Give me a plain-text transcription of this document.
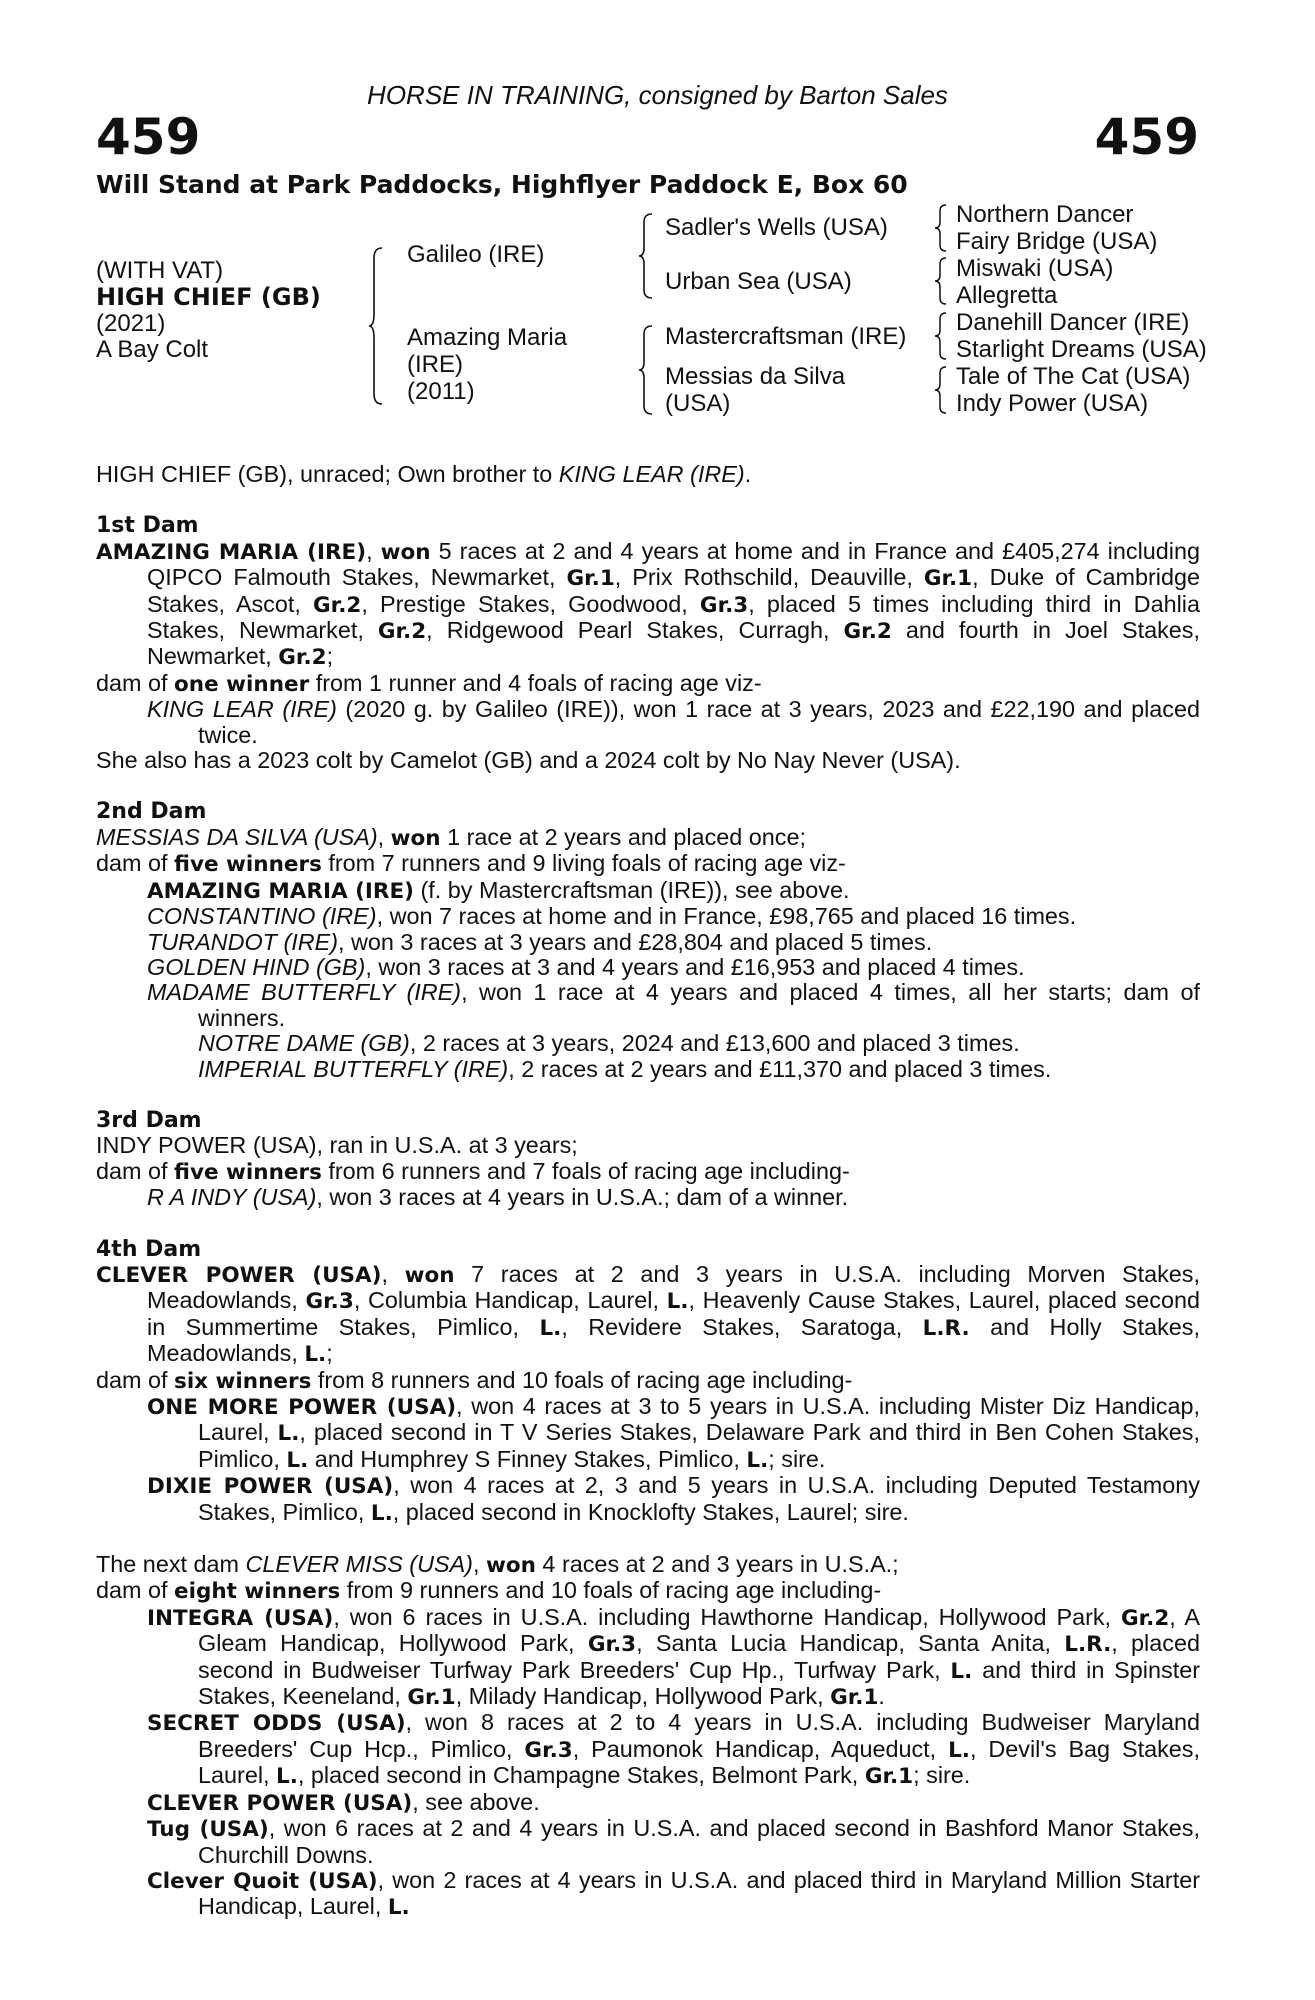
HORSE IN TRAINING, consigned by Barton Sales
459	459
Will Stand at Park Paddocks, Highflyer Paddock E, Box 60
(WITH VAT)
HIGH CHIEF (GB)
(2021)
A Bay Colt
Galileo (IRE)
Amazing Maria
(IRE)
(2011)
Sadler's Wells (USA)
Urban Sea (USA)
Mastercraftsman (IRE)
Messias da Silva
(USA)
Northern Dancer
Fairy Bridge (USA)
Miswaki (USA)
Allegretta
Danehill Dancer (IRE)
Starlight Dreams (USA)
Tale of The Cat (USA)
Indy Power (USA)

HIGH CHIEF (GB), unraced; Own brother to KING LEAR (IRE).

1st Dam

AMAZING MARIA (IRE), won 5 races at 2 and 4 years at home and in France and £405,274 including QIPCO Falmouth Stakes, Newmarket, Gr.1, Prix Rothschild, Deauville, Gr.1, Duke of Cambridge Stakes, Ascot, Gr.2, Prestige Stakes, Goodwood, Gr.3, placed 5 times including third in Dahlia Stakes, Newmarket, Gr.2, Ridgewood Pearl Stakes, Curragh, Gr.2 and fourth in Joel Stakes, Newmarket, Gr.2;

dam of one winner from 1 runner and 4 foals of racing age viz-

KING LEAR (IRE) (2020 g. by Galileo (IRE)), won 1 race at 3 years, 2023 and £22,190 and placed twice.

She also has a 2023 colt by Camelot (GB) and a 2024 colt by No Nay Never (USA).

2nd Dam

MESSIAS DA SILVA (USA), won 1 race at 2 years and placed once;

dam of five winners from 7 runners and 9 living foals of racing age viz-

AMAZING MARIA (IRE) (f. by Mastercraftsman (IRE)), see above.

CONSTANTINO (IRE), won 7 races at home and in France, £98,765 and placed 16 times.

TURANDOT (IRE), won 3 races at 3 years and £28,804 and placed 5 times.

GOLDEN HIND (GB), won 3 races at 3 and 4 years and £16,953 and placed 4 times.

MADAME BUTTERFLY (IRE), won 1 race at 4 years and placed 4 times, all her starts; dam of winners.

NOTRE DAME (GB), 2 races at 3 years, 2024 and £13,600 and placed 3 times.

IMPERIAL BUTTERFLY (IRE), 2 races at 2 years and £11,370 and placed 3 times.

3rd Dam

INDY POWER (USA), ran in U.S.A. at 3 years;

dam of five winners from 6 runners and 7 foals of racing age including-

R A INDY (USA), won 3 races at 4 years in U.S.A.; dam of a winner.

4th Dam

CLEVER POWER (USA), won 7 races at 2 and 3 years in U.S.A. including Morven Stakes, Meadowlands, Gr.3, Columbia Handicap, Laurel, L., Heavenly Cause Stakes, Laurel, placed second in Summertime Stakes, Pimlico, L., Revidere Stakes, Saratoga, L.R. and Holly Stakes, Meadowlands, L.;

dam of six winners from 8 runners and 10 foals of racing age including-

ONE MORE POWER (USA), won 4 races at 3 to 5 years in U.S.A. including Mister Diz Handicap, Laurel, L., placed second in T V Series Stakes, Delaware Park and third in Ben Cohen Stakes, Pimlico, L. and Humphrey S Finney Stakes, Pimlico, L.; sire.

DIXIE POWER (USA), won 4 races at 2, 3 and 5 years in U.S.A. including Deputed Testamony Stakes, Pimlico, L., placed second in Knocklofty Stakes, Laurel; sire.

The next dam CLEVER MISS (USA), won 4 races at 2 and 3 years in U.S.A.;

dam of eight winners from 9 runners and 10 foals of racing age including-

INTEGRA (USA), won 6 races in U.S.A. including Hawthorne Handicap, Hollywood Park, Gr.2, A Gleam Handicap, Hollywood Park, Gr.3, Santa Lucia Handicap, Santa Anita, L.R., placed second in Budweiser Turfway Park Breeders' Cup Hp., Turfway Park, L. and third in Spinster Stakes, Keeneland, Gr.1, Milady Handicap, Hollywood Park, Gr.1.

SECRET ODDS (USA), won 8 races at 2 to 4 years in U.S.A. including Budweiser Maryland Breeders' Cup Hcp., Pimlico, Gr.3, Paumonok Handicap, Aqueduct, L., Devil's Bag Stakes, Laurel, L., placed second in Champagne Stakes, Belmont Park, Gr.1; sire.

CLEVER POWER (USA), see above.

Tug (USA), won 6 races at 2 and 4 years in U.S.A. and placed second in Bashford Manor Stakes, Churchill Downs.

Clever Quoit (USA), won 2 races at 4 years in U.S.A. and placed third in Maryland Million Starter Handicap, Laurel, L.
